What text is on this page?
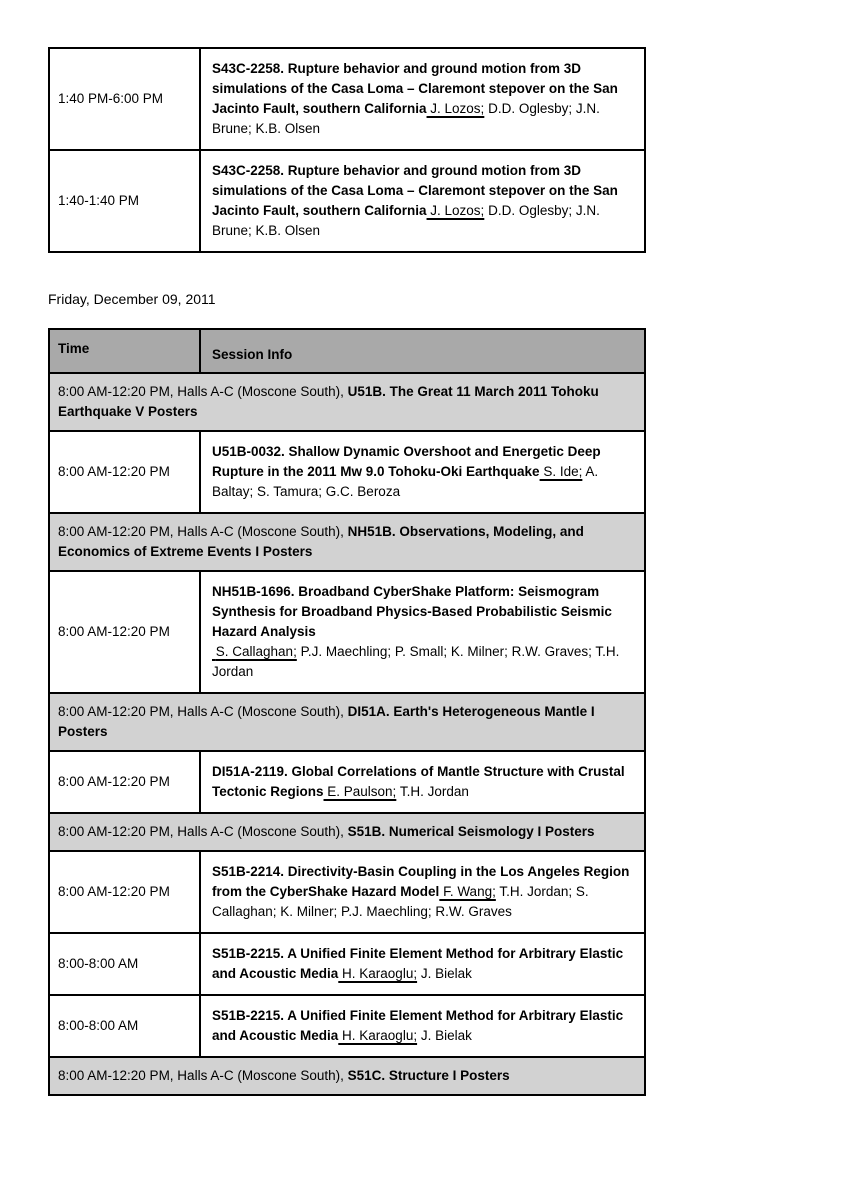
1:40 PM-6:00 PM	S43C-2258. Rupture behavior and ground motion from 3D simulations of the Casa Loma – Claremont stepover on the San Jacinto Fault, southern California J. Lozos; D.D. Oglesby; J.N. Brune; K.B. Olsen
1:40-1:40 PM	S43C-2258. Rupture behavior and ground motion from 3D simulations of the Casa Loma – Claremont stepover on the San Jacinto Fault, southern California J. Lozos; D.D. Oglesby; J.N. Brune; K.B. Olsen

Friday, December 09, 2011

Time	Session Info
8:00 AM-12:20 PM, Halls A-C (Moscone South), U51B. The Great 11 March 2011 Tohoku Earthquake V Posters	
8:00 AM-12:20 PM	U51B-0032. Shallow Dynamic Overshoot and Energetic Deep Rupture in the 2011 Mw 9.0 Tohoku-Oki Earthquake S. Ide; A. Baltay; S. Tamura; G.C. Beroza
8:00 AM-12:20 PM, Halls A-C (Moscone South), NH51B. Observations, Modeling, and Economics of Extreme Events I Posters	
8:00 AM-12:20 PM	NH51B-1696. Broadband CyberShake Platform: Seismogram Synthesis for Broadband Physics-Based Probabilistic Seismic Hazard Analysis
S. Callaghan; P.J. Maechling; P. Small; K. Milner; R.W. Graves; T.H. Jordan
8:00 AM-12:20 PM, Halls A-C (Moscone South), DI51A. Earth's Heterogeneous Mantle I Posters	
8:00 AM-12:20 PM	DI51A-2119. Global Correlations of Mantle Structure with Crustal Tectonic Regions E. Paulson; T.H. Jordan
8:00 AM-12:20 PM, Halls A-C (Moscone South), S51B. Numerical Seismology I Posters	
8:00 AM-12:20 PM	S51B-2214. Directivity-Basin Coupling in the Los Angeles Region from the CyberShake Hazard Model F. Wang; T.H. Jordan; S. Callaghan; K. Milner; P.J. Maechling; R.W. Graves
8:00-8:00 AM	S51B-2215. A Unified Finite Element Method for Arbitrary Elastic and Acoustic Media H. Karaoglu; J. Bielak
8:00-8:00 AM	S51B-2215. A Unified Finite Element Method for Arbitrary Elastic and Acoustic Media H. Karaoglu; J. Bielak
8:00 AM-12:20 PM, Halls A-C (Moscone South), S51C. Structure I Posters	
